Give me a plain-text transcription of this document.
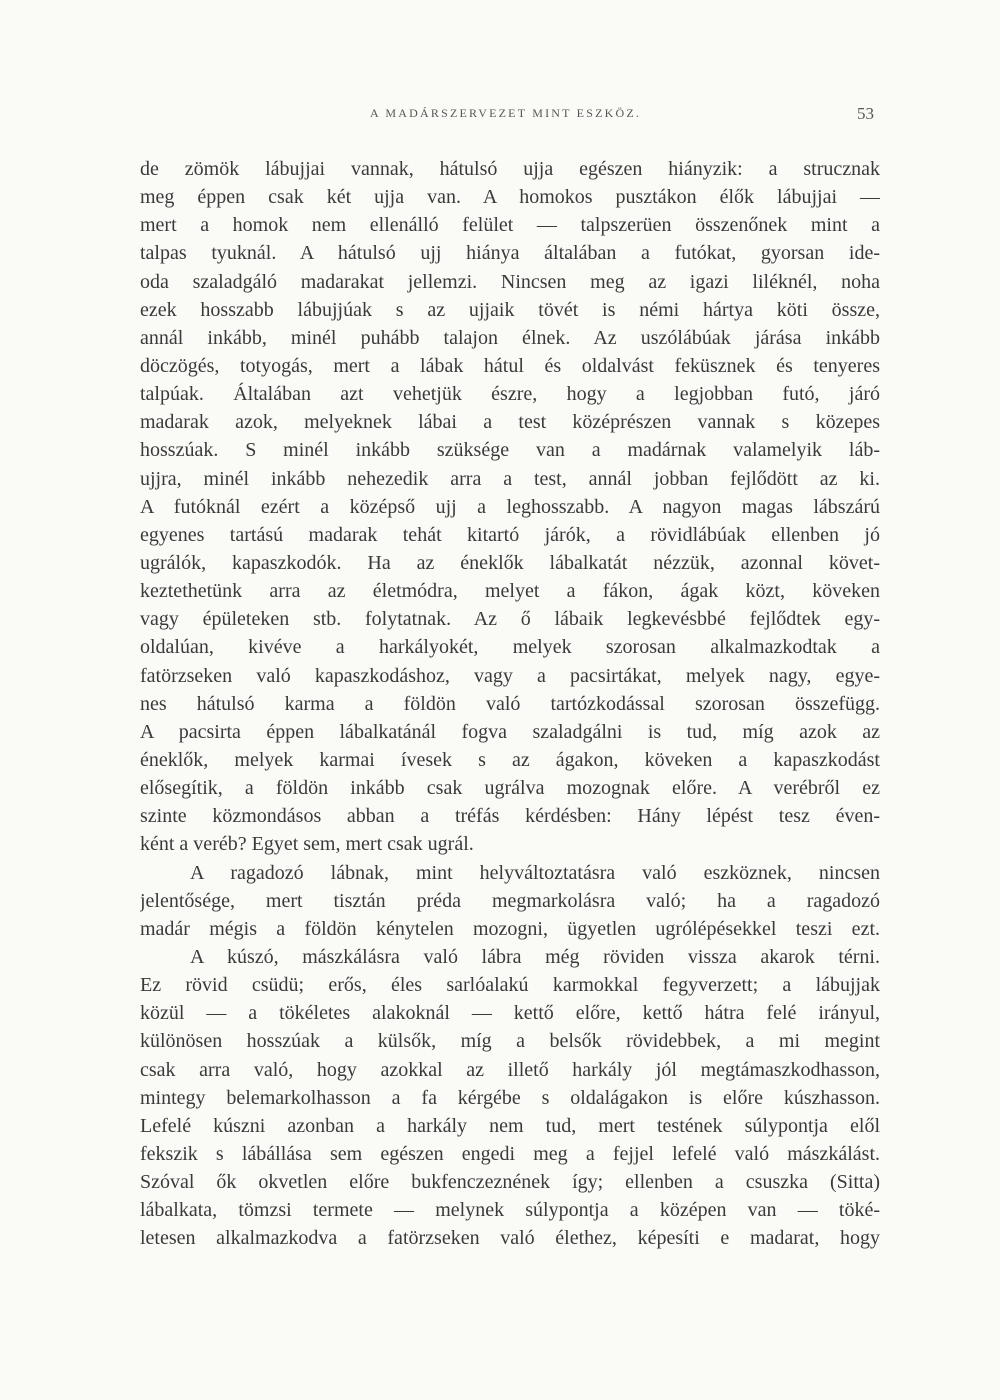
A MADÁRSZERVEZET MINT ESZKÖZ.	53
de zömök lábujjai vannak, hátulsó ujja egészen hiányzik: a strucznak
meg éppen csak két ujja van. A homokos pusztákon élők lábujjai —
mert a homok nem ellenálló felület — talpszerüen összenőnek mint a
talpas tyuknál. A hátulsó ujj hiánya általában a futókat, gyorsan ide-
oda szaladgáló madarakat jellemzi. Nincsen meg az igazi liléknél, noha
ezek hosszabb lábujjúak s az ujjaik tövét is némi hártya köti össze,
annál inkább, minél puhább talajon élnek. Az uszólábúak járása inkább
döczögés, totyogás, mert a lábak hátul és oldalvást feküsznek és tenyeres
talpúak. Általában azt vehetjük észre, hogy a legjobban futó, járó
madarak azok, melyeknek lábai a test középrészen vannak s közepes
hosszúak. S minél inkább szüksége van a madárnak valamelyik láb-
ujjra, minél inkább nehezedik arra a test, annál jobban fejlődött az ki.
A futóknál ezért a középső ujj a leghosszabb. A nagyon magas lábszárú
egyenes tartású madarak tehát kitartó járók, a rövidlábúak ellenben jó
ugrálók, kapaszkodók. Ha az éneklők lábalkatát nézzük, azonnal követ-
keztethetünk arra az életmódra, melyet a fákon, ágak közt, köveken
vagy épületeken stb. folytatnak. Az ő lábaik legkevésbbé fejlődtek egy-
oldalúan, kivéve a harkályokét, melyek szorosan alkalmazkodtak a
fatörzseken való kapaszkodáshoz, vagy a pacsirtákat, melyek nagy, egye-
nes hátulsó karma a földön való tartózkodással szorosan összefügg.
A pacsirta éppen lábalkatánál fogva szaladgálni is tud, míg azok az
éneklők, melyek karmai ívesek s az ágakon, köveken a kapaszkodást
elősegítik, a földön inkább csak ugrálva mozognak előre. A verébről ez
szinte közmondásos abban a tréfás kérdésben: Hány lépést tesz éven-
ként a veréb? Egyet sem, mert csak ugrál.
A ragadozó lábnak, mint helyváltoztatásra való eszköznek, nincsen
jelentősége, mert tisztán préda megmarkolásra való; ha a ragadozó
madár mégis a földön kénytelen mozogni, ügyetlen ugrólépésekkel teszi ezt.
A kúszó, mászkálásra való lábra még röviden vissza akarok térni.
Ez rövid csüdü; erős, éles sarlóalakú karmokkal fegyverzett; a lábujjak
közül — a tökéletes alakoknál — kettő előre, kettő hátra felé irányul,
különösen hosszúak a külsők, míg a belsők rövidebbek, a mi megint
csak arra való, hogy azokkal az illető harkály jól megtámaszkodhasson,
mintegy belemarkolhasson a fa kérgébe s oldalágakon is előre kúszhasson.
Lefelé kúszni azonban a harkály nem tud, mert testének súlypontja elől
fekszik s lábállása sem egészen engedi meg a fejjel lefelé való mászkálást.
Szóval ők okvetlen előre bukfenczeznének így; ellenben a csuszka (Sitta)
lábalkata, tömzsi termete — melynek súlypontja a középen van — töké-
letesen alkalmazkodva a fatörzseken való élethez, képesíti e madarat, hogy
